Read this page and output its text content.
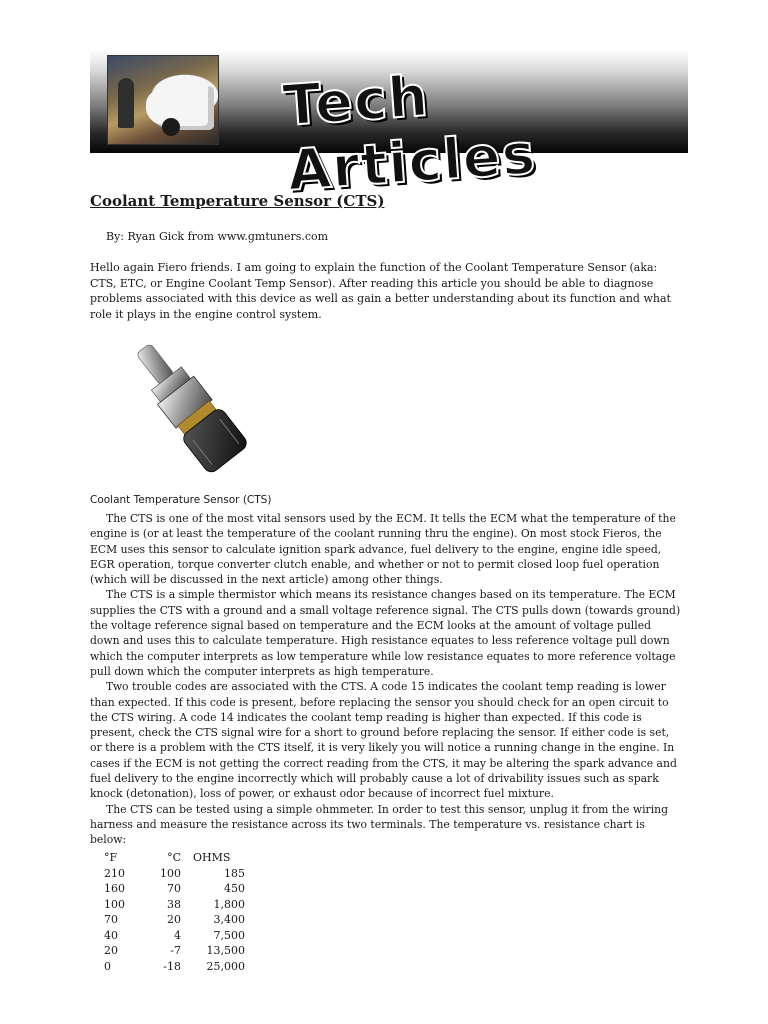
Tech Articles
Coolant Temperature Sensor (CTS)

By: Ryan Gick from www.gmtuners.com

Hello again Fiero friends. I am going to explain the function of the Coolant Temperature Sensor (aka: CTS, ETC, or Engine Coolant Temp Sensor). After reading this article you should be able to diagnose problems associated with this device as well as gain a better understanding about its function and what role it plays in the engine control system.

Coolant Temperature Sensor (CTS)

The CTS is one of the most vital sensors used by the ECM. It tells the ECM what the temperature of the engine is (or at least the temperature of the coolant running thru the engine). On most stock Fieros, the ECM uses this sensor to calculate ignition spark advance, fuel delivery to the engine, engine idle speed, EGR operation, torque converter clutch enable, and whether or not to permit closed loop fuel operation (which will be discussed in the next article) among other things.

The CTS is a simple thermistor which means its resistance changes based on its temperature. The ECM supplies the CTS with a ground and a small voltage reference signal. The CTS pulls down (towards ground) the voltage reference signal based on temperature and the ECM looks at the amount of voltage pulled down and uses this to calculate temperature. High resistance equates to less reference voltage pull down which the computer interprets as low temperature while low resistance equates to more reference voltage pull down which the computer interprets as high temperature.

Two trouble codes are associated with the CTS. A code 15 indicates the coolant temp reading is lower than expected. If this code is present, before replacing the sensor you should check for an open circuit to the CTS wiring. A code 14 indicates the coolant temp reading is higher than expected. If this code is present, check the CTS signal wire for a short to ground before replacing the sensor. If either code is set, or there is a problem with the CTS itself, it is very likely you will notice a running change in the engine. In cases if the ECM is not getting the correct reading from the CTS, it may be altering the spark advance and fuel delivery to the engine incorrectly which will probably cause a lot of drivability issues such as spark knock (detonation), loss of power, or exhaust odor because of incorrect fuel mixture.

The CTS can be tested using a simple ohmmeter. In order to test this sensor, unplug it from the wiring harness and measure the resistance across its two terminals. The temperature vs. resistance chart is below:

°F	°C	OHMS
210	100	185
160	70	450
100	38	1,800
70	20	3,400
40	4	7,500
20	-7	13,500
0	-18	25,000
